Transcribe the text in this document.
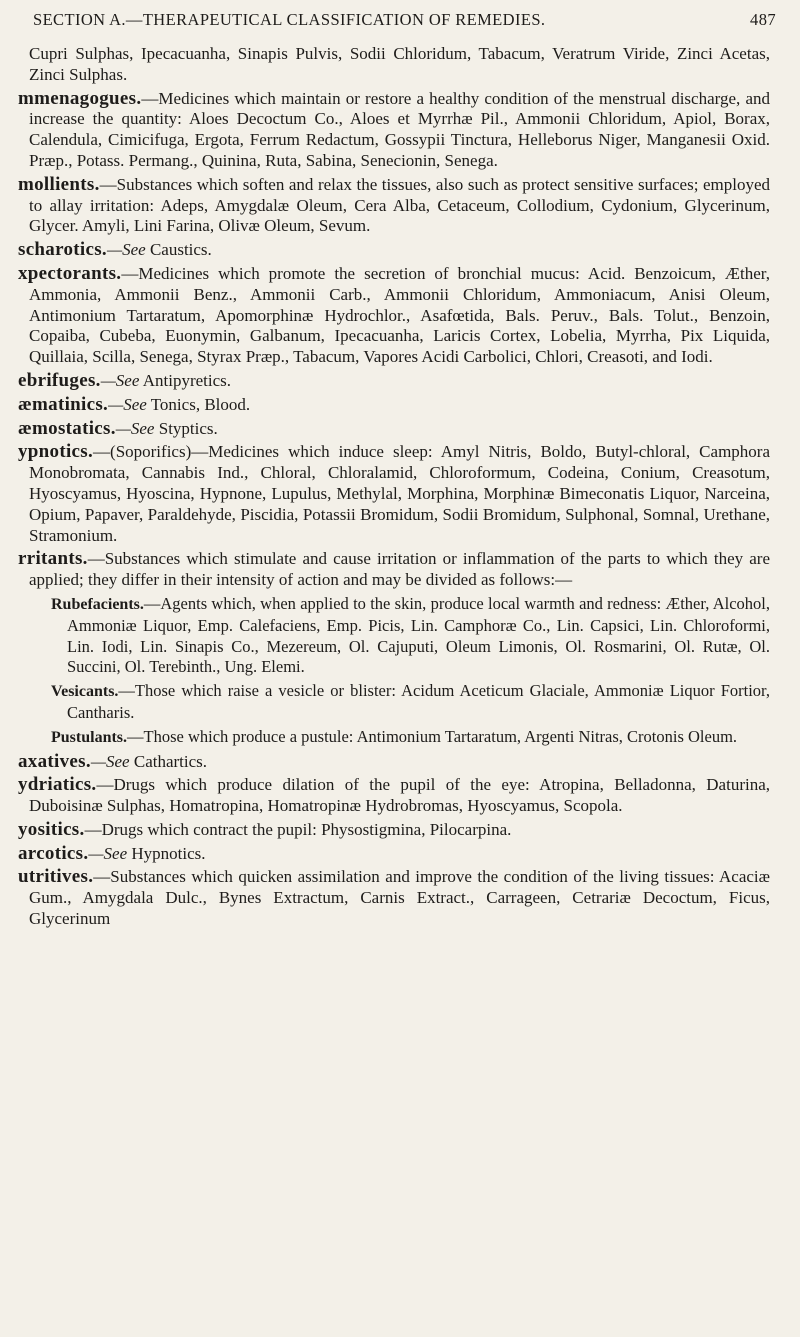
SECTION A.—THERAPEUTICAL CLASSIFICATION OF REMEDIES.	487

Cupri Sulphas, Ipecacuanha, Sinapis Pulvis, Sodii Chloridum, Tabacum, Veratrum Viride, Zinci Acetas, Zinci Sulphas.

mmenagogues.—Medicines which maintain or restore a healthy condition of the menstrual discharge, and increase the quantity: Aloes Decoctum Co., Aloes et Myrrhæ Pil., Ammonii Chloridum, Apiol, Borax, Calendula, Cimicifuga, Ergota, Ferrum Redactum, Gossypii Tinctura, Helleborus Niger, Manganesii Oxid. Præp., Potass. Permang., Quinina, Ruta, Sabina, Senecionin, Senega.

mollients.—Substances which soften and relax the tissues, also such as protect sensitive surfaces; employed to allay irritation: Adeps, Amygdalæ Oleum, Cera Alba, Cetaceum, Collodium, Cydonium, Glycerinum, Glycer. Amyli, Lini Farina, Olivæ Oleum, Sevum.

scharotics.—See Caustics.

xpectorants.—Medicines which promote the secretion of bronchial mucus: Acid. Benzoicum, Æther, Ammonia, Ammonii Benz., Ammonii Carb., Ammonii Chloridum, Ammoniacum, Anisi Oleum, Antimonium Tartaratum, Apomorphinæ Hydrochlor., Asafœtida, Bals. Peruv., Bals. Tolut., Benzoin, Copaiba, Cubeba, Euonymin, Galbanum, Ipecacuanha, Laricis Cortex, Lobelia, Myrrha, Pix Liquida, Quillaia, Scilla, Senega, Styrax Præp., Tabacum, Vapores Acidi Carbolici, Chlori, Creasoti, and Iodi.

ebrifuges.—See Antipyretics.

æmatinics.—See Tonics, Blood.

æmostatics.—See Styptics.

ypnotics.—(Soporifics)—Medicines which induce sleep: Amyl Nitris, Boldo, Butyl-chloral, Camphora Monobromata, Cannabis Ind., Chloral, Chloralamid, Chloroformum, Codeina, Conium, Creasotum, Hyoscyamus, Hyoscina, Hypnone, Lupulus, Methylal, Morphina, Morphinæ Bimeconatis Liquor, Narceina, Opium, Papaver, Paraldehyde, Piscidia, Potassii Bromidum, Sodii Bromidum, Sulphonal, Somnal, Urethane, Stramonium.

rritants.—Substances which stimulate and cause irritation or inflammation of the parts to which they are applied; they differ in their intensity of action and may be divided as follows:—

Rubefacients.—Agents which, when applied to the skin, produce local warmth and redness: Æther, Alcohol, Ammoniæ Liquor, Emp. Calefaciens, Emp. Picis, Lin. Camphoræ Co., Lin. Capsici, Lin. Chloroformi, Lin. Iodi, Lin. Sinapis Co., Mezereum, Ol. Cajuputi, Oleum Limonis, Ol. Rosmarini, Ol. Rutæ, Ol. Succini, Ol. Terebinth., Ung. Elemi.

Vesicants.—Those which raise a vesicle or blister: Acidum Aceticum Glaciale, Ammoniæ Liquor Fortior, Cantharis.

Pustulants.—Those which produce a pustule: Antimonium Tartaratum, Argenti Nitras, Crotonis Oleum.

axatives.—See Cathartics.

ydriatics.—Drugs which produce dilation of the pupil of the eye: Atropina, Belladonna, Daturina, Duboisinæ Sulphas, Homatropina, Homatropinæ Hydrobromas, Hyoscyamus, Scopola.

yositics.—Drugs which contract the pupil: Physostigmina, Pilocarpina.

arcotics.—See Hypnotics.

utritives.—Substances which quicken assimilation and improve the condition of the living tissues: Acaciæ Gum., Amygdala Dulc., Bynes Extractum, Carnis Extract., Carrageen, Cetrariæ Decoctum, Ficus, Glycerinum
